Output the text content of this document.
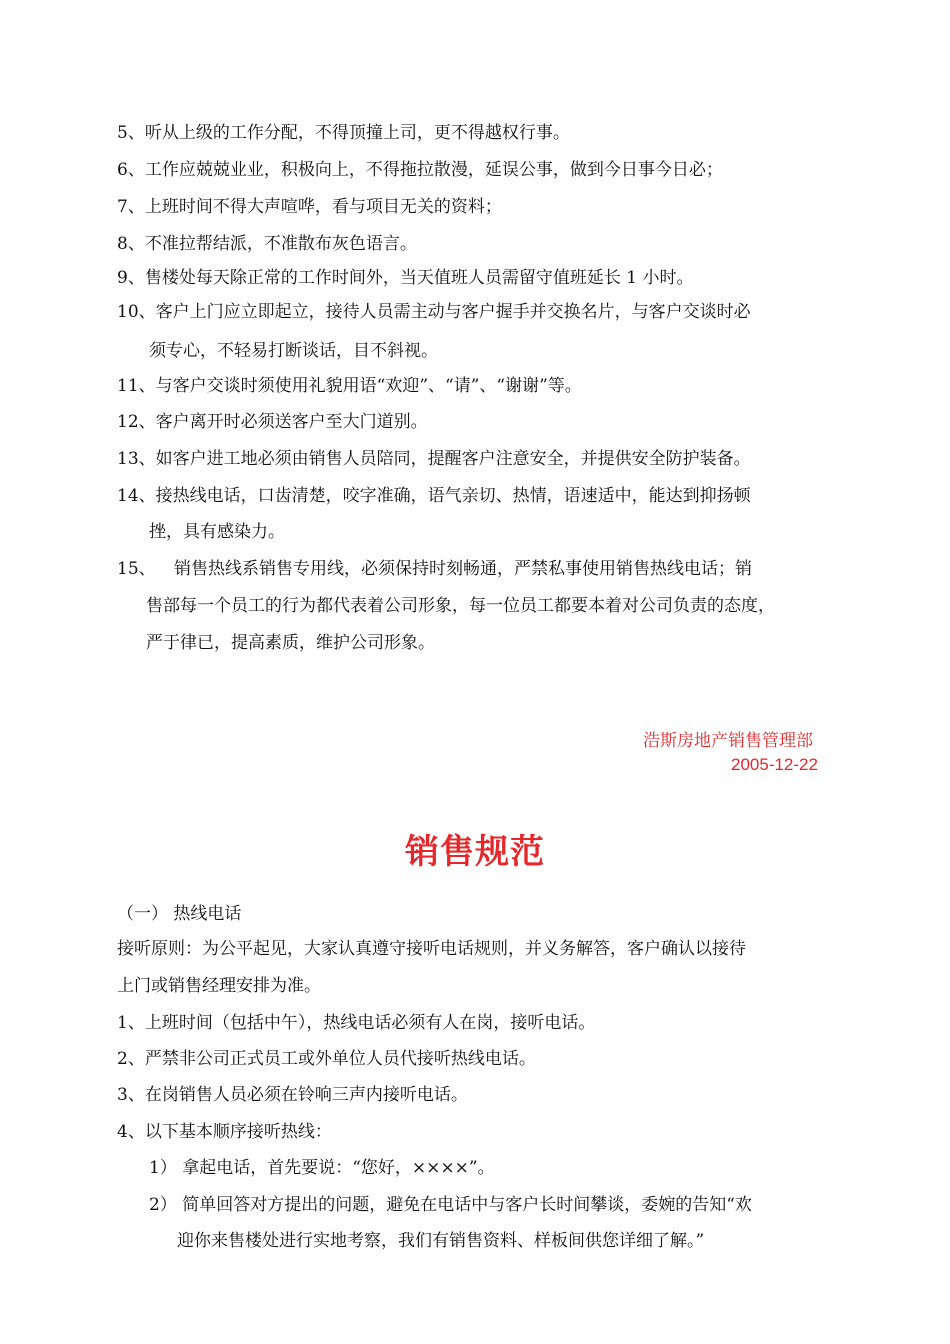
5、听从上级的工作分配，不得顶撞上司，更不得越权行事。

6、工作应兢兢业业，积极向上，不得拖拉散漫，延误公事，做到今日事今日必；

7、上班时间不得大声喧哗，看与项目无关的资料；

8、不准拉帮结派，不准散布灰色语言。

9、售楼处每天除正常的工作时间外，当天值班人员需留守值班延长 1 小时。

10、客户上门应立即起立，接待人员需主动与客户握手并交换名片，与客户交谈时必

须专心，不轻易打断谈话，目不斜视。

11、与客户交谈时须使用礼貌用语“欢迎”、“请”、“谢谢”等。

12、客户离开时必须送客户至大门道别。

13、如客户进工地必须由销售人员陪同，提醒客户注意安全，并提供安全防护装备。

14、接热线电话，口齿清楚，咬字准确，语气亲切、热情，语速适中，能达到抑扬顿

挫，具有感染力。

15、 销售热线系销售专用线，必须保持时刻畅通，严禁私事使用销售热线电话；销

售部每一个员工的行为都代表着公司形象，每一位员工都要本着对公司负责的态度，

严于律已，提高素质，维护公司形象。

浩斯房地产销售管理部
2005-12-22
销售规范

（一） 热线电话

接听原则：为公平起见，大家认真遵守接听电话规则，并义务解答，客户确认以接待

上门或销售经理安排为准。

1、上班时间（包括中午），热线电话必须有人在岗，接听电话。

2、严禁非公司正式员工或外单位人员代接听热线电话。

3、在岗销售人员必须在铃响三声内接听电话。

4、以下基本顺序接听热线：

1） 拿起电话，首先要说：“您好，××××”。

2） 简单回答对方提出的问题，避免在电话中与客户长时间攀谈，委婉的告知“欢

迎你来售楼处进行实地考察，我们有销售资料、样板间供您详细了解。”
